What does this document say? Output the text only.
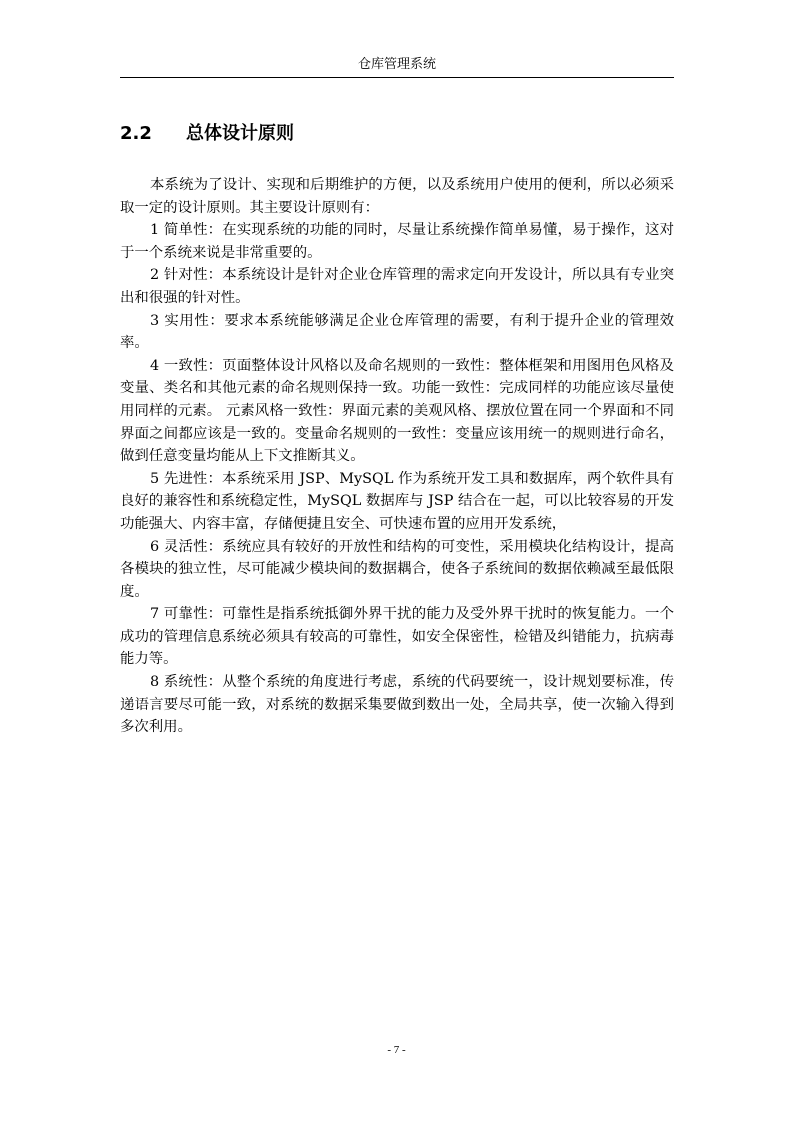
仓库管理系统
2.2 总体设计原则

本系统为了设计、实现和后期维护的方便，以及系统用户使用的便利，所以必须采取一定的设计原则。其主要设计原则有：

1 简单性：在实现系统的功能的同时，尽量让系统操作简单易懂，易于操作，这对于一个系统来说是非常重要的。

2 针对性：本系统设计是针对企业仓库管理的需求定向开发设计，所以具有专业突出和很强的针对性。

3 实用性：要求本系统能够满足企业仓库管理的需要，有利于提升企业的管理效率。

4 一致性：页面整体设计风格以及命名规则的一致性：整体框架和用图用色风格及变量、类名和其他元素的命名规则保持一致。功能一致性：完成同样的功能应该尽量使用同样的元素。 元素风格一致性：界面元素的美观风格、摆放位置在同一个界面和不同界面之间都应该是一致的。变量命名规则的一致性：变量应该用统一的规则进行命名，做到任意变量均能从上下文推断其义。

5 先进性：本系统采用 JSP、MySQL 作为系统开发工具和数据库，两个软件具有良好的兼容性和系统稳定性，MySQL 数据库与 JSP 结合在一起，可以比较容易的开发功能强大、内容丰富，存储便捷且安全、可快速布置的应用开发系统，

6 灵活性：系统应具有较好的开放性和结构的可变性，采用模块化结构设计，提高各模块的独立性，尽可能减少模块间的数据耦合，使各子系统间的数据依赖减至最低限度。

7 可靠性：可靠性是指系统抵御外界干扰的能力及受外界干扰时的恢复能力。一个成功的管理信息系统必须具有较高的可靠性，如安全保密性，检错及纠错能力，抗病毒能力等。

8 系统性：从整个系统的角度进行考虑，系统的代码要统一，设计规划要标准，传递语言要尽可能一致，对系统的数据采集要做到数出一处，全局共享，使一次输入得到多次利用。

- 7 -
